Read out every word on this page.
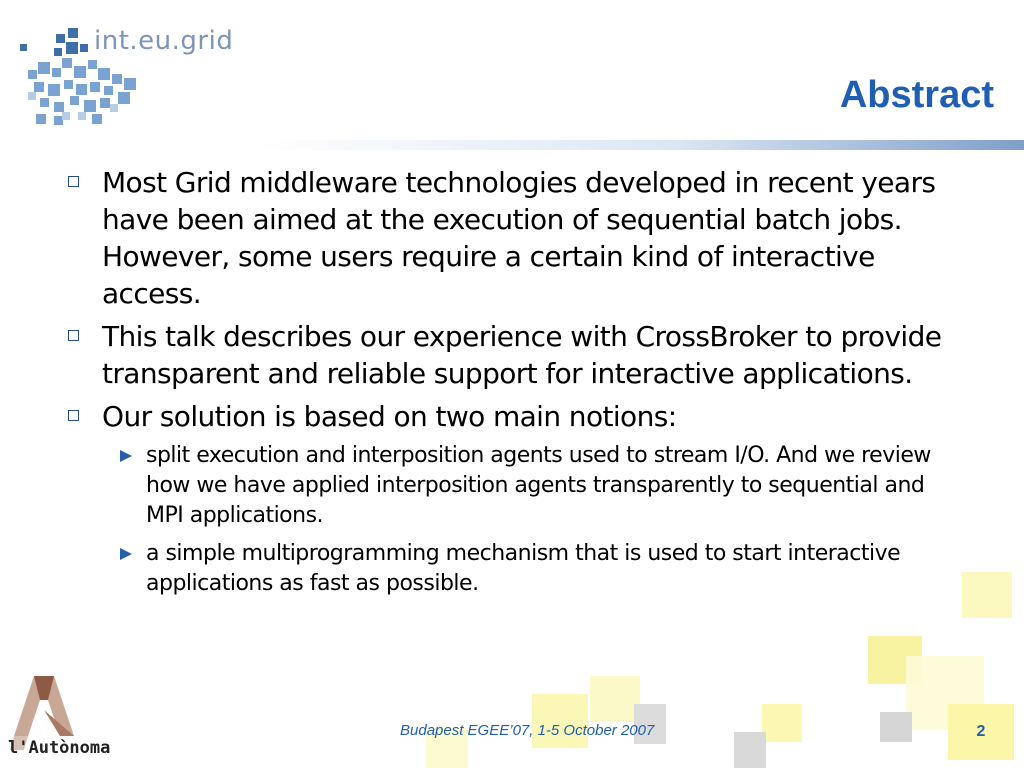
int.eu.grid
Abstract
Most Grid middleware technologies developed in recent years have been aimed at the execution of sequential batch jobs. However, some users require a certain kind of interactive access.
This talk describes our experience with CrossBroker to provide transparent and reliable support for interactive applications.
Our solution is based on two main notions:
split execution and interposition agents used to stream I/O. And we review how we have applied interposition agents transparently to sequential and MPI applications.
a simple multiprogramming mechanism that is used to start interactive applications as fast as possible.
Budapest EGEE’07, 1-5 October 2007	2
l'Autònoma
